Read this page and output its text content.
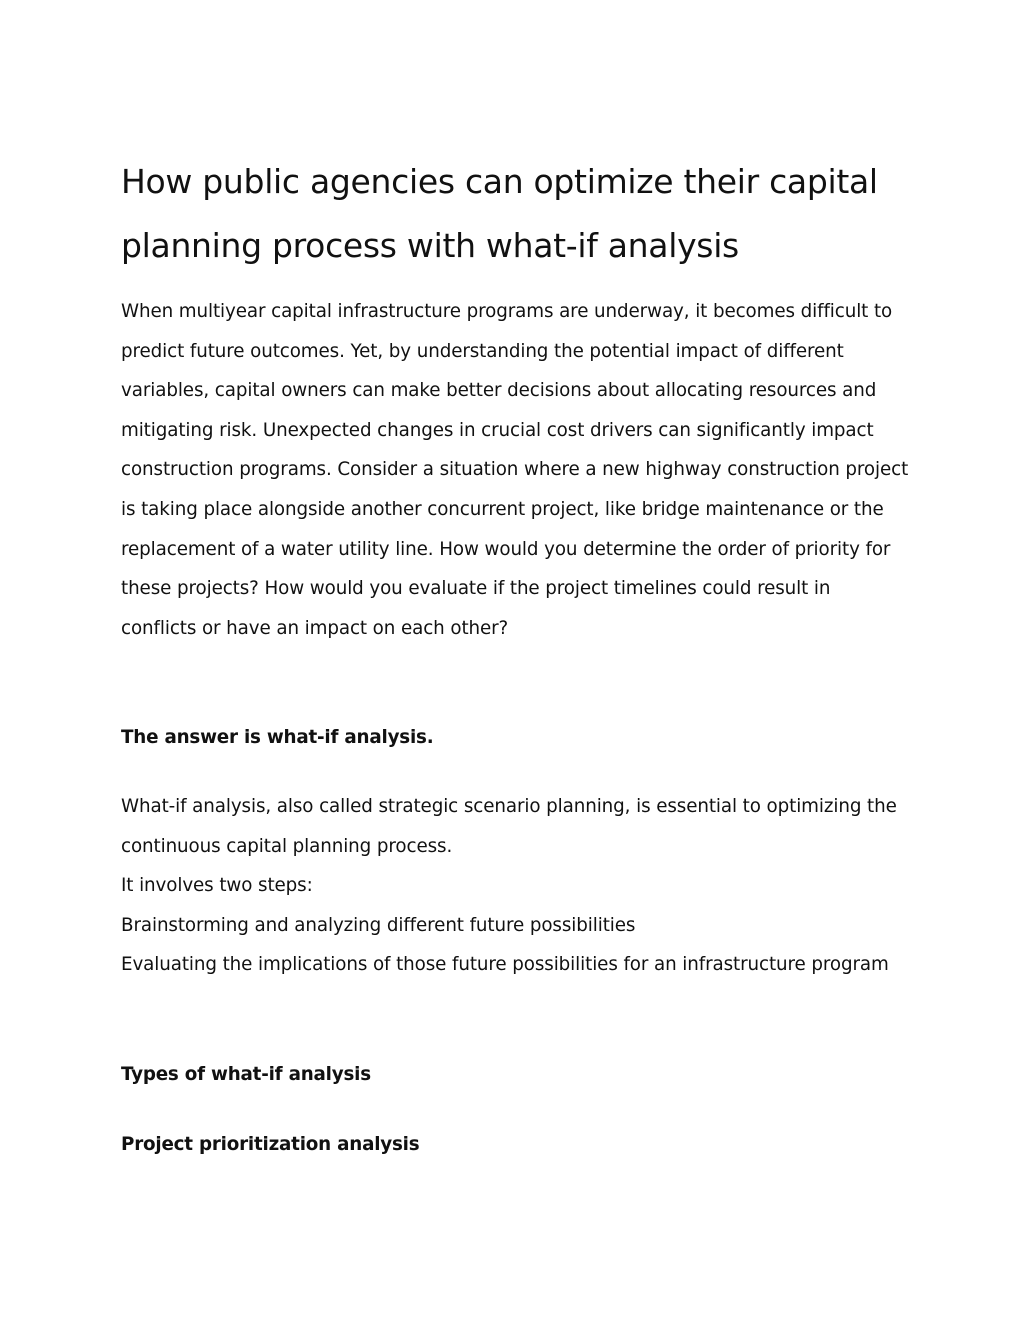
How public agencies can optimize their capital planning process with what-if analysis

When multiyear capital infrastructure programs are underway, it becomes difficult to predict future outcomes. Yet, by understanding the potential impact of different variables, capital owners can make better decisions about allocating resources and mitigating risk. Unexpected changes in crucial cost drivers can significantly impact construction programs. Consider a situation where a new highway construction project is taking place alongside another concurrent project, like bridge maintenance or the replacement of a water utility line. How would you determine the order of priority for these projects? How would you evaluate if the project timelines could result in conflicts or have an impact on each other?

The answer is what-if analysis.

What-if analysis, also called strategic scenario planning, is essential to optimizing the continuous capital planning process.
It involves two steps:
Brainstorming and analyzing different future possibilities
Evaluating the implications of those future possibilities for an infrastructure program

Types of what-if analysis

Project prioritization analysis
